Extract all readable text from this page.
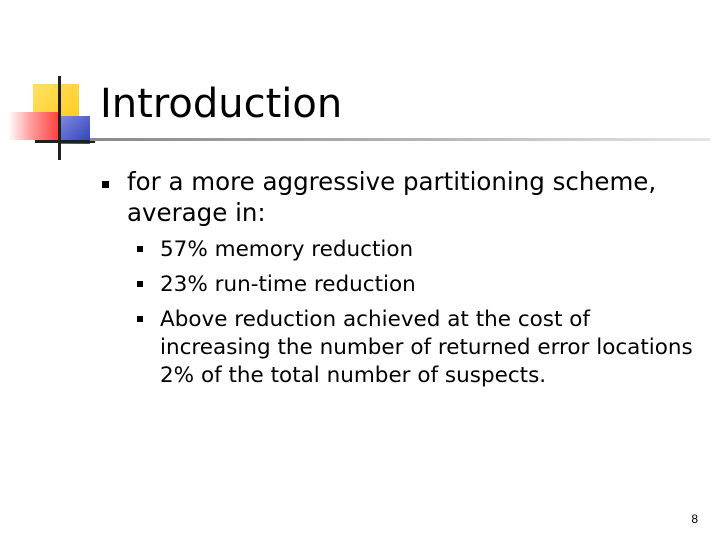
Introduction

for a more aggressive partitioning scheme, average in:

57% memory reduction

23% run-time reduction

Above reduction achieved at the cost of increasing the number of returned error locations 2% of the total number of suspects.

8
